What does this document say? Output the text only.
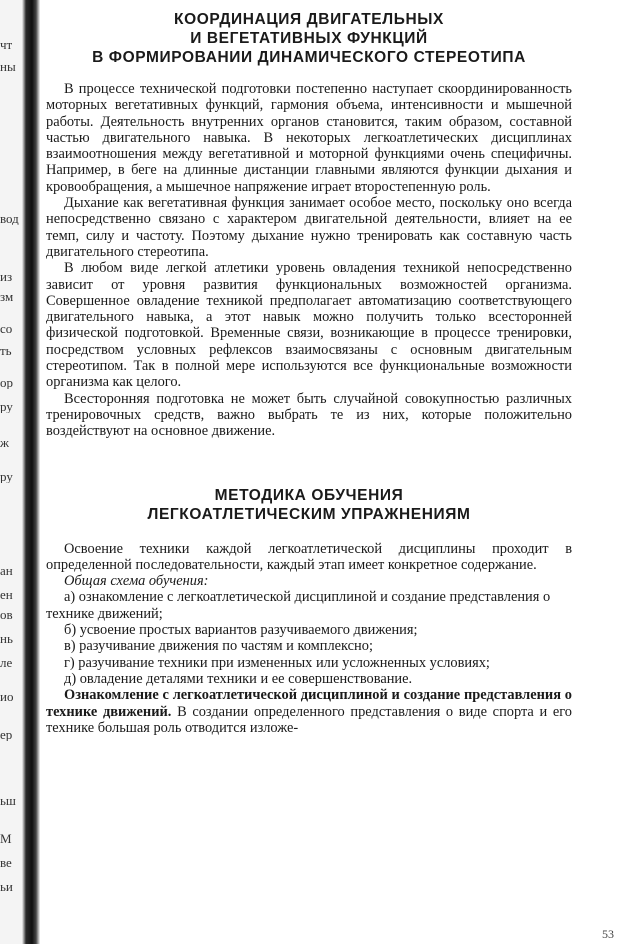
чт
ны
вод
из
зм
со
ть
ор
ру
ж
ру
ан
ен
ов
нь
ле
ио
ер
ьш
М
ве
ьи
КООРДИНАЦИЯ ДВИГАТЕЛЬНЫХ
И ВЕГЕТАТИВНЫХ ФУНКЦИЙ
В ФОРМИРОВАНИИ ДИНАМИЧЕСКОГО СТЕРЕОТИПА

В процессе технической подготовки постепенно наступает скоординированность моторных вегетативных функций, гармония объема, интенсивности и мышечной работы. Деятельность внутренних органов становится, таким образом, составной частью двигательного навыка. В некоторых легкоатлетических дисциплинах взаимоотношения между вегетативной и моторной функциями очень специфичны. Например, в беге на длинные дистанции главными являются функции дыхания и кровообращения, а мышечное напряжение играет второстепенную роль.

Дыхание как вегетативная функция занимает особое место, поскольку оно всегда непосредственно связано с характером двигательной деятельности, влияет на ее темп, силу и частоту. Поэтому дыхание нужно тренировать как составную часть двигательного стереотипа.

В любом виде легкой атлетики уровень овладения техникой непосредственно зависит от уровня развития функциональных возможностей организма. Совершенное овладение техникой предполагает автоматизацию соответствующего двигательного навыка, а этот навык можно получить только всесторонней физической подготовкой. Временные связи, возникающие в процессе тренировки, посредством условных рефлексов взаимосвязаны с основным двигательным стереотипом. Так в полной мере используются все функциональные возможности организма как целого.

Всесторонняя подготовка не может быть случайной совокупностью различных тренировочных средств, важно выбрать те из них, которые положительно воздействуют на основное движение.

МЕТОДИКА ОБУЧЕНИЯ
ЛЕГКОАТЛЕТИЧЕСКИМ УПРАЖНЕНИЯМ

Освоение техники каждой легкоатлетической дисциплины проходит в определенной последовательности, каждый этап имеет конкретное содержание.

Общая схема обучения:

а) ознакомление с легкоатлетической дисциплиной и создание представления о технике движений;

б) усвоение простых вариантов разучиваемого движения;

в) разучивание движения по частям и комплексно;

г) разучивание техники при измененных или усложненных условиях;

д) овладение деталями техники и ее совершенствование.

Ознакомление с легкоатлетической дисциплиной и создание представления о технике движений. В создании определенного представления о виде спорта и его технике большая роль отводится изложе-

53
